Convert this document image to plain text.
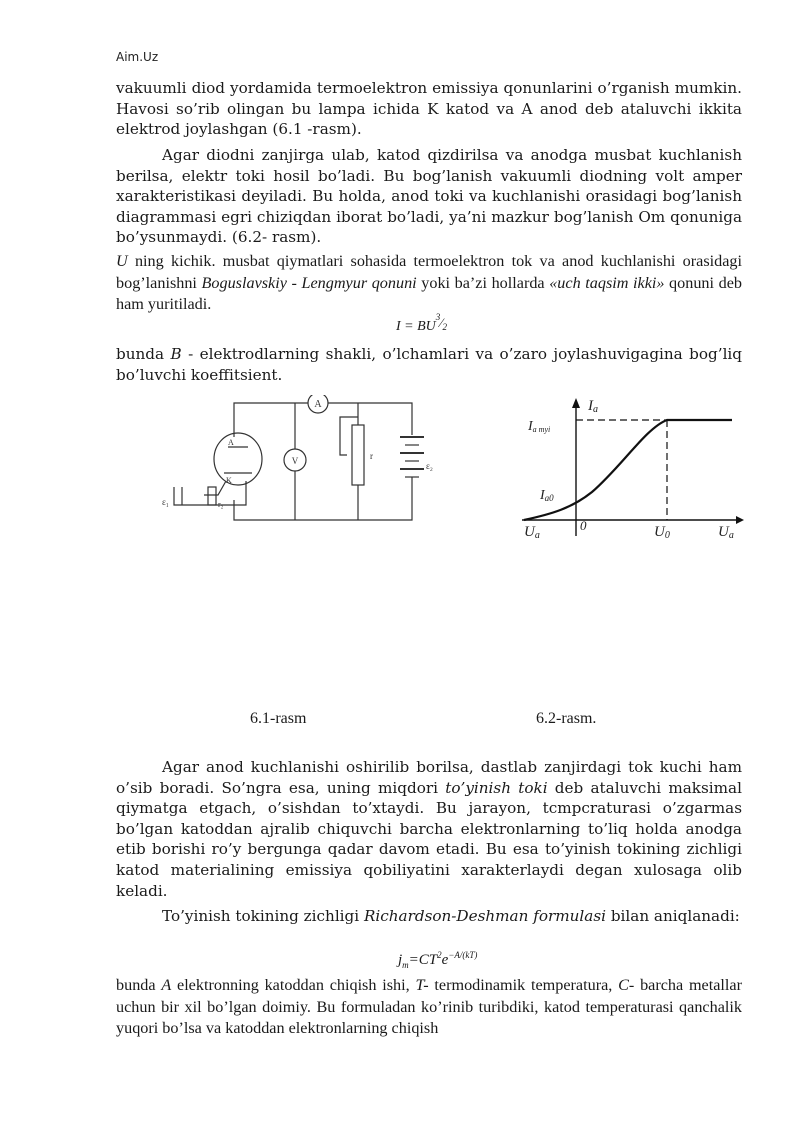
Aim.Uz

vakuumli diod yordamida termoelektron emissiya qonunlarini o’rganish mumkin. Havosi so’rib olingan bu lampa ichida K katod va A anod deb ataluvchi ikkita elektrod joylashgan (6.1 -rasm).

Agar diodni zanjirga ulab, katod qizdirilsa va anodga musbat kuchlanish berilsa, elektr toki hosil bo’ladi. Bu bog’lanish vakuumli diodning volt amper xarakteristikasi deyiladi. Bu holda, anod toki va kuchlanishi orasidagi bog’lanish diagrammasi egri chiziqdan iborat bo’ladi, ya’ni mazkur bog’lanish Om qonuniga bo’ysunmaydi. (6.2- rasm).

U ning kichik. musbat qiymatlari sohasida termoelektron tok va anod kuchlanishi orasidagi bog’lanishni Boguslavskiy - Lengmyur qonuni yoki ba’zi hollarda «uch taqsim ikki» qonuni deb ham yuritiladi.

$I = BU^3⁄2$

bunda B - elektrodlarning shakli, o’lchamlari va o’zaro joylashuvigagina bog’liq bo’luvchi koeffitsient.

A
V	ε₂
r
A
K
ε₁	r₂
Ia
Ia myi
Ia0
Ua
0	U0	Ua
6.1-rasm	6.2-rasm.

Agar anod kuchlanishi oshirilib borilsa, dastlab zanjirdagi tok kuchi ham o’sib boradi. So’ngra esa, uning miqdori to’yinish toki deb ataluvchi maksimal qiymatga etgach, o’sishdan to’xtaydi. Bu jarayon, tcmpcraturasi o’zgarmas bo’lgan katoddan ajralib chiquvchi barcha elektronlarning to’liq holda anodga etib borishi ro’y bergunga qadar davom etadi. Bu esa to’yinish tokining zichligi katod materialining emissiya qobiliyatini xarakterlaydi degan xulosaga olib keladi.

To’yinish tokining zichligi Richardson-Deshman formulasi bilan aniqlanadi:

$j_m=CT^2e^{-A/(kT)}$

bunda A elektronning katoddan chiqish ishi, T- termodinamik temperatura, C- barcha metallar uchun bir xil bo’lgan doimiy. Bu formuladan ko’rinib turibdiki, katod temperaturasi qanchalik yuqori bo’lsa va katoddan elektronlarning chiqish
